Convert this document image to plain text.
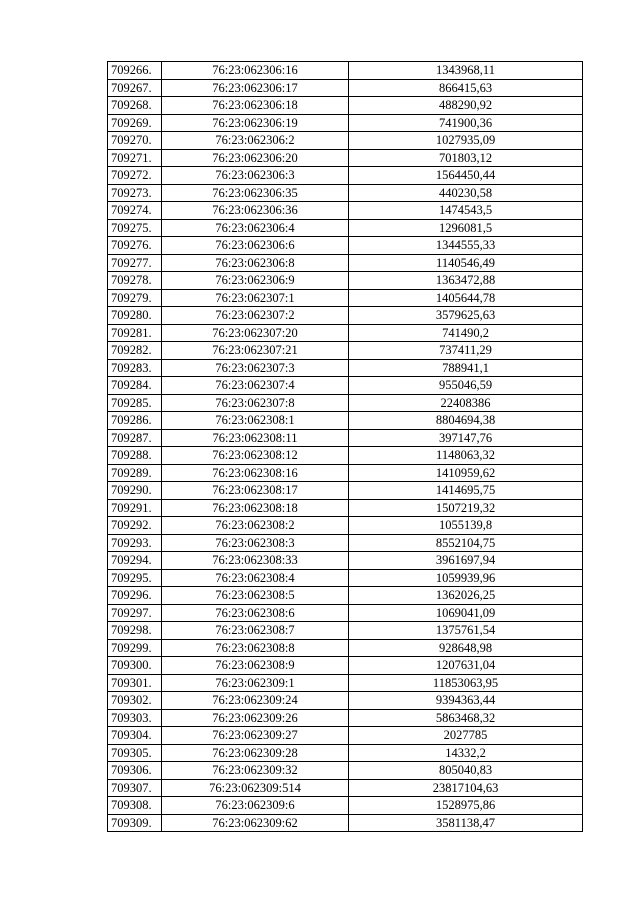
709266.	76:23:062306:16	1343968,11
709267.	76:23:062306:17	866415,63
709268.	76:23:062306:18	488290,92
709269.	76:23:062306:19	741900,36
709270.	76:23:062306:2	1027935,09
709271.	76:23:062306:20	701803,12
709272.	76:23:062306:3	1564450,44
709273.	76:23:062306:35	440230,58
709274.	76:23:062306:36	1474543,5
709275.	76:23:062306:4	1296081,5
709276.	76:23:062306:6	1344555,33
709277.	76:23:062306:8	1140546,49
709278.	76:23:062306:9	1363472,88
709279.	76:23:062307:1	1405644,78
709280.	76:23:062307:2	3579625,63
709281.	76:23:062307:20	741490,2
709282.	76:23:062307:21	737411,29
709283.	76:23:062307:3	788941,1
709284.	76:23:062307:4	955046,59
709285.	76:23:062307:8	22408386
709286.	76:23:062308:1	8804694,38
709287.	76:23:062308:11	397147,76
709288.	76:23:062308:12	1148063,32
709289.	76:23:062308:16	1410959,62
709290.	76:23:062308:17	1414695,75
709291.	76:23:062308:18	1507219,32
709292.	76:23:062308:2	1055139,8
709293.	76:23:062308:3	8552104,75
709294.	76:23:062308:33	3961697,94
709295.	76:23:062308:4	1059939,96
709296.	76:23:062308:5	1362026,25
709297.	76:23:062308:6	1069041,09
709298.	76:23:062308:7	1375761,54
709299.	76:23:062308:8	928648,98
709300.	76:23:062308:9	1207631,04
709301.	76:23:062309:1	11853063,95
709302.	76:23:062309:24	9394363,44
709303.	76:23:062309:26	5863468,32
709304.	76:23:062309:27	2027785
709305.	76:23:062309:28	14332,2
709306.	76:23:062309:32	805040,83
709307.	76:23:062309:514	23817104,63
709308.	76:23:062309:6	1528975,86
709309.	76:23:062309:62	3581138,47
